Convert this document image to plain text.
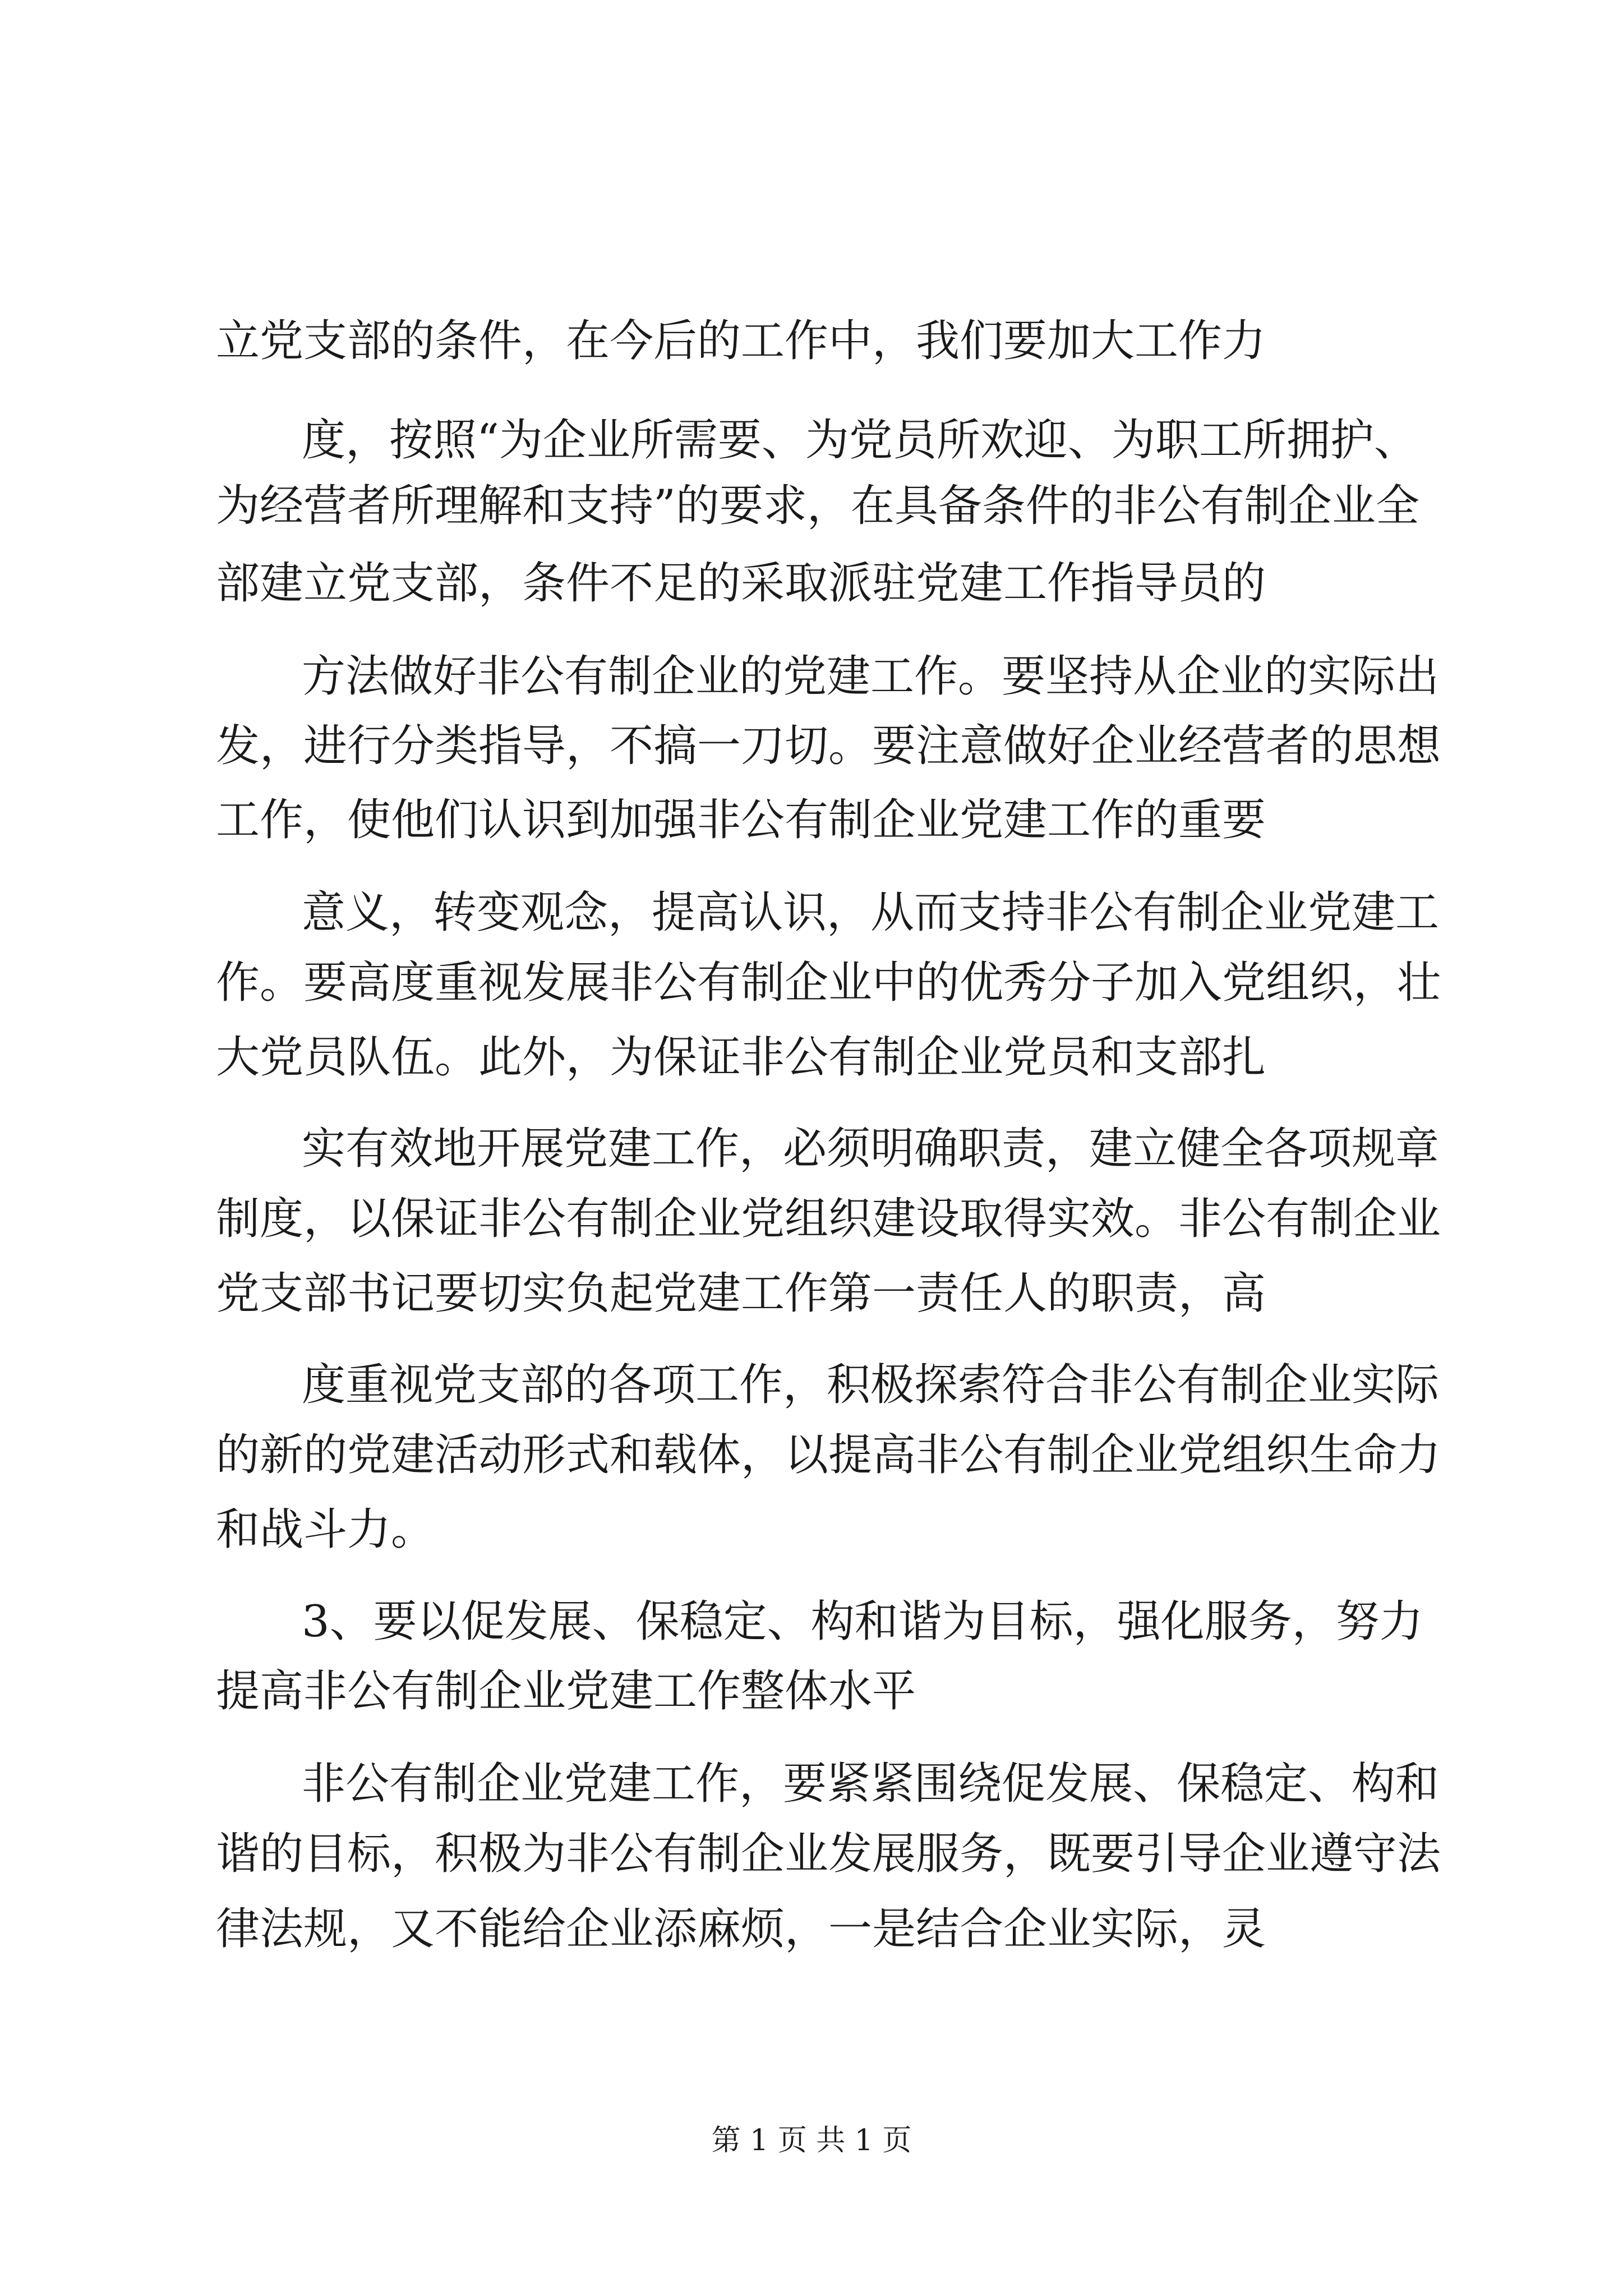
立党支部的条件，在今后的工作中，我们要加大工作力
度，按照“为企业所需要、为党员所欢迎、为职工所拥护、
为经营者所理解和支持”的要求，在具备条件的非公有制企业全
部建立党支部，条件不足的采取派驻党建工作指导员的
方法做好非公有制企业的党建工作。要坚持从企业的实际出
发，进行分类指导，不搞一刀切。要注意做好企业经营者的思想
工作，使他们认识到加强非公有制企业党建工作的重要
意义，转变观念，提高认识，从而支持非公有制企业党建工
作。要高度重视发展非公有制企业中的优秀分子加入党组织，壮
大党员队伍。此外，为保证非公有制企业党员和支部扎
实有效地开展党建工作，必须明确职责，建立健全各项规章
制度，以保证非公有制企业党组织建设取得实效。非公有制企业
党支部书记要切实负起党建工作第一责任人的职责，高
度重视党支部的各项工作，积极探索符合非公有制企业实际
的新的党建活动形式和载体，以提高非公有制企业党组织生命力
和战斗力。
3、要以促发展、保稳定、构和谐为目标，强化服务，努力
提高非公有制企业党建工作整体水平
非公有制企业党建工作，要紧紧围绕促发展、保稳定、构和
谐的目标，积极为非公有制企业发展服务，既要引导企业遵守法
律法规，又不能给企业添麻烦，一是结合企业实际，灵
第 1 页 共 1 页
